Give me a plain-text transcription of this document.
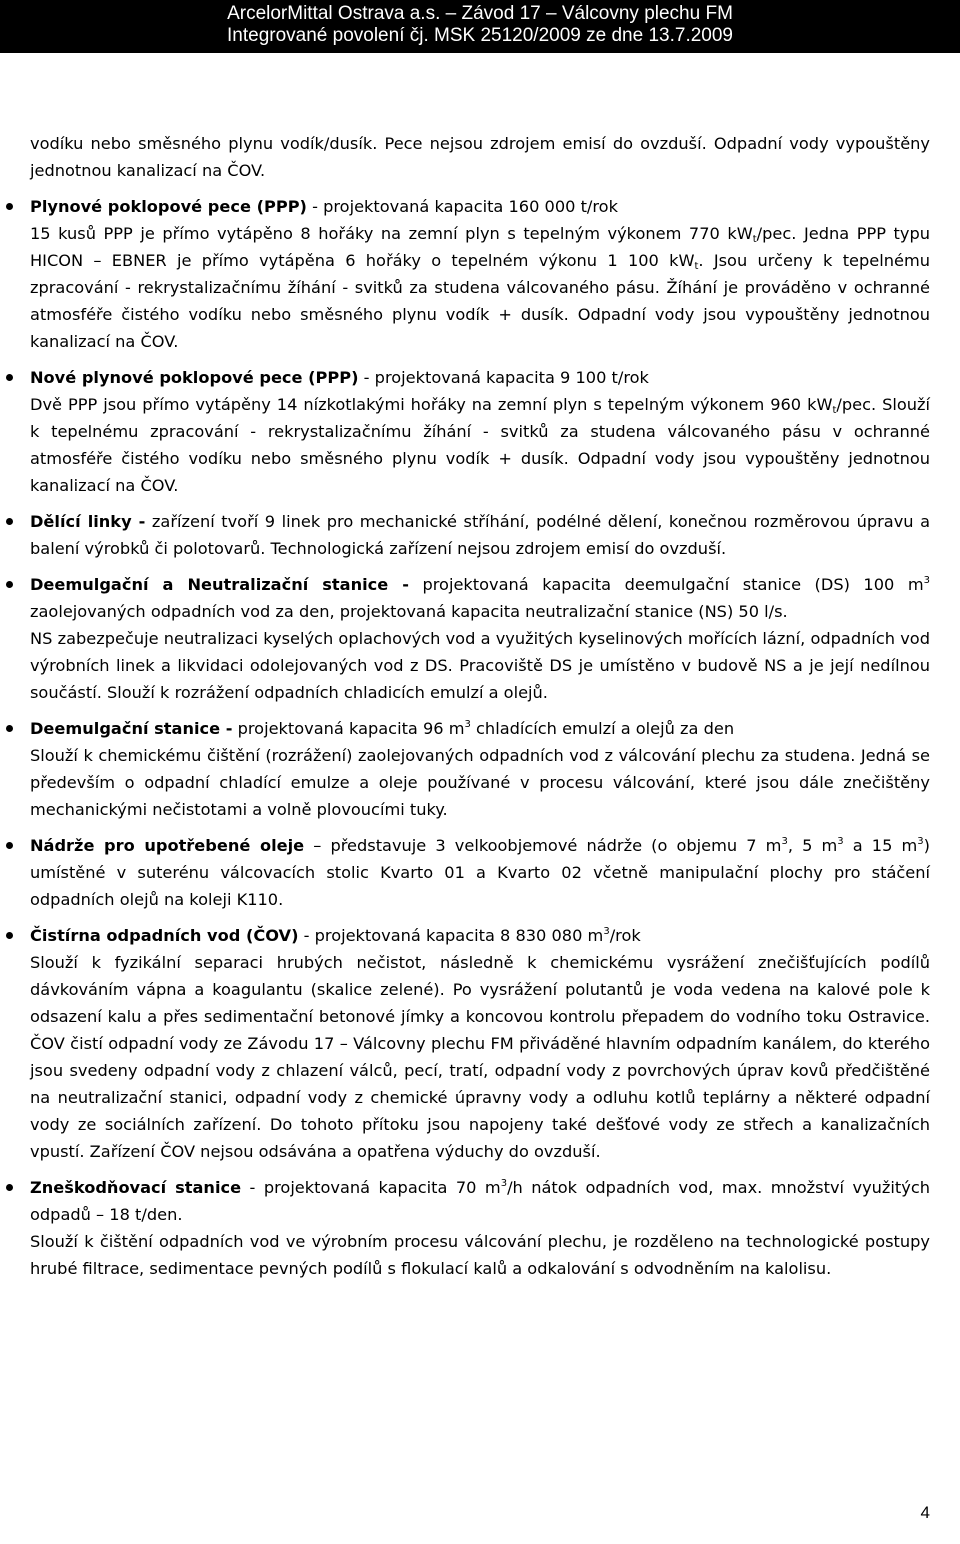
ArcelorMittal Ostrava a.s. – Závod 17 – Válcovny plechu FM
Integrované povolení čj. MSK 25120/2009 ze dne 13.7.2009

vodíku nebo směsného plynu vodík/dusík. Pece nejsou zdrojem emisí do ovzduší. Odpadní vody vypouštěny jednotnou kanalizací na ČOV.

Plynové poklopové pece (PPP) - projektovaná kapacita 160 000 t/rok
15 kusů PPP je přímo vytápěno 8 hořáky na zemní plyn s tepelným výkonem 770 $kW_t$/pec. Jedna PPP typu HICON – EBNER je přímo vytápěna 6 hořáky o tepelném výkonu 1 100 $kW_t$. Jsou určeny k tepelnému zpracování - rekrystalizačnímu žíhání - svitků za studena válcovaného pásu. Žíhání je prováděno v ochranné atmosféře čistého vodíku nebo směsného plynu vodík + dusík. Odpadní vody jsou vypouštěny jednotnou kanalizací na ČOV.
Nové plynové poklopové pece (PPP) - projektovaná kapacita 9 100 t/rok
Dvě PPP jsou přímo vytápěny 14 nízkotlakými hořáky na zemní plyn s tepelným výkonem 960 $kW_t$/pec. Slouží k tepelnému zpracování - rekrystalizačnímu žíhání - svitků za studena válcovaného pásu v ochranné atmosféře čistého vodíku nebo směsného plynu vodík + dusík. Odpadní vody jsou vypouštěny jednotnou kanalizací na ČOV.
Dělící linky - zařízení tvoří 9 linek pro mechanické stříhání, podélné dělení, konečnou rozměrovou úpravu a balení výrobků či polotovarů. Technologická zařízení nejsou zdrojem emisí do ovzduší.
Deemulgační a Neutralizační stanice - projektovaná kapacita deemulgační stanice (DS) 100 $m^3$ zaolejovaných odpadních vod za den, projektovaná kapacita neutralizační stanice (NS) 50 l/s.
NS zabezpečuje neutralizaci kyselých oplachových vod a využitých kyselinových mořících lázní, odpadních vod výrobních linek a likvidaci odolejovaných vod z DS. Pracoviště DS je umístěno v budově NS a je její nedílnou součástí. Slouží k rozrážení odpadních chladicích emulzí a olejů.
Deemulgační stanice - projektovaná kapacita 96 $m^3$ chladících emulzí a olejů za den
Slouží k chemickému čištění (rozrážení) zaolejovaných odpadních vod z válcování plechu za studena. Jedná se především o odpadní chladící emulze a oleje používané v procesu válcování, které jsou dále znečištěny mechanickými nečistotami a volně plovoucími tuky.
Nádrže pro upotřebené oleje – představuje 3 velkoobjemové nádrže (o objemu 7 $m^3$, 5 $m^3$ a 15 $m^3$) umístěné v suterénu válcovacích stolic Kvarto 01 a Kvarto 02 včetně manipulační plochy pro stáčení odpadních olejů na koleji K110.
Čistírna odpadních vod (ČOV) - projektovaná kapacita 8 830 080 $m^3$/rok
Slouží k fyzikální separaci hrubých nečistot, následně k chemickému vysrážení znečišťujících podílů dávkováním vápna a koagulantu (skalice zelené). Po vysrážení polutantů je voda vedena na kalové pole k odsazení kalu a přes sedimentační betonové jímky a koncovou kontrolu přepadem do vodního toku Ostravice. ČOV čistí odpadní vody ze Závodu 17 – Válcovny plechu FM přiváděné hlavním odpadním kanálem, do kterého jsou svedeny odpadní vody z chlazení válců, pecí, tratí, odpadní vody z povrchových úprav kovů předčištěné na neutralizační stanici, odpadní vody z chemické úpravny vody a odluhu kotlů teplárny a některé odpadní vody ze sociálních zařízení. Do tohoto přítoku jsou napojeny také dešťové vody ze střech a kanalizačních vpustí. Zařízení ČOV nejsou odsávána a opatřena výduchy do ovzduší.
Zneškodňovací stanice - projektovaná kapacita 70 $m^3/h$ nátok odpadních vod, max. množství využitých odpadů – 18 t/den.
Slouží k čištění odpadních vod ve výrobním procesu válcování plechu, je rozděleno na technologické postupy hrubé filtrace, sedimentace pevných podílů s flokulací kalů a odkalování s odvodněním na kalolisu.
4
